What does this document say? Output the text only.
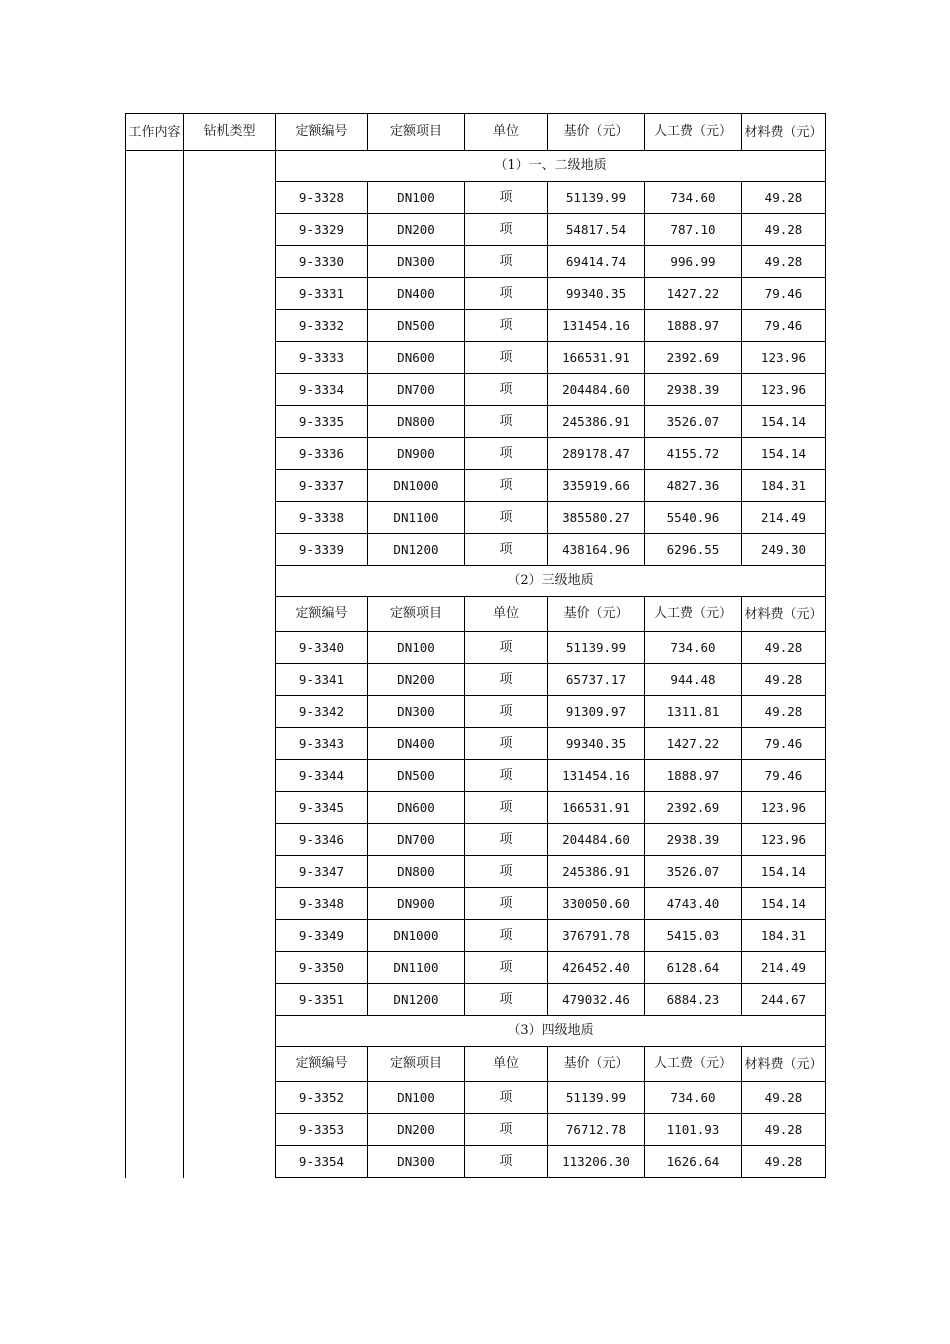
工作内容	钻机类型	定额编号	定额项目	单位	基价（元）	人工费（元）	材料费（元）
		（1）一、二级地质					
		9-3328	DN100	项	51139.99	734.60	49.28
		9-3329	DN200	项	54817.54	787.10	49.28
		9-3330	DN300	项	69414.74	996.99	49.28
		9-3331	DN400	项	99340.35	1427.22	79.46
		9-3332	DN500	项	131454.16	1888.97	79.46
		9-3333	DN600	项	166531.91	2392.69	123.96
		9-3334	DN700	项	204484.60	2938.39	123.96
		9-3335	DN800	项	245386.91	3526.07	154.14
		9-3336	DN900	项	289178.47	4155.72	154.14
		9-3337	DN1000	项	335919.66	4827.36	184.31
		9-3338	DN1100	项	385580.27	5540.96	214.49
		9-3339	DN1200	项	438164.96	6296.55	249.30
		（2）三级地质					
		定额编号	定额项目	单位	基价（元）	人工费（元）	材料费（元）
		9-3340	DN100	项	51139.99	734.60	49.28
		9-3341	DN200	项	65737.17	944.48	49.28
		9-3342	DN300	项	91309.97	1311.81	49.28
		9-3343	DN400	项	99340.35	1427.22	79.46
		9-3344	DN500	项	131454.16	1888.97	79.46
		9-3345	DN600	项	166531.91	2392.69	123.96
		9-3346	DN700	项	204484.60	2938.39	123.96
		9-3347	DN800	项	245386.91	3526.07	154.14
		9-3348	DN900	项	330050.60	4743.40	154.14
		9-3349	DN1000	项	376791.78	5415.03	184.31
		9-3350	DN1100	项	426452.40	6128.64	214.49
		9-3351	DN1200	项	479032.46	6884.23	244.67
		（3）四级地质					
		定额编号	定额项目	单位	基价（元）	人工费（元）	材料费（元）
		9-3352	DN100	项	51139.99	734.60	49.28
		9-3353	DN200	项	76712.78	1101.93	49.28
		9-3354	DN300	项	113206.30	1626.64	49.28
